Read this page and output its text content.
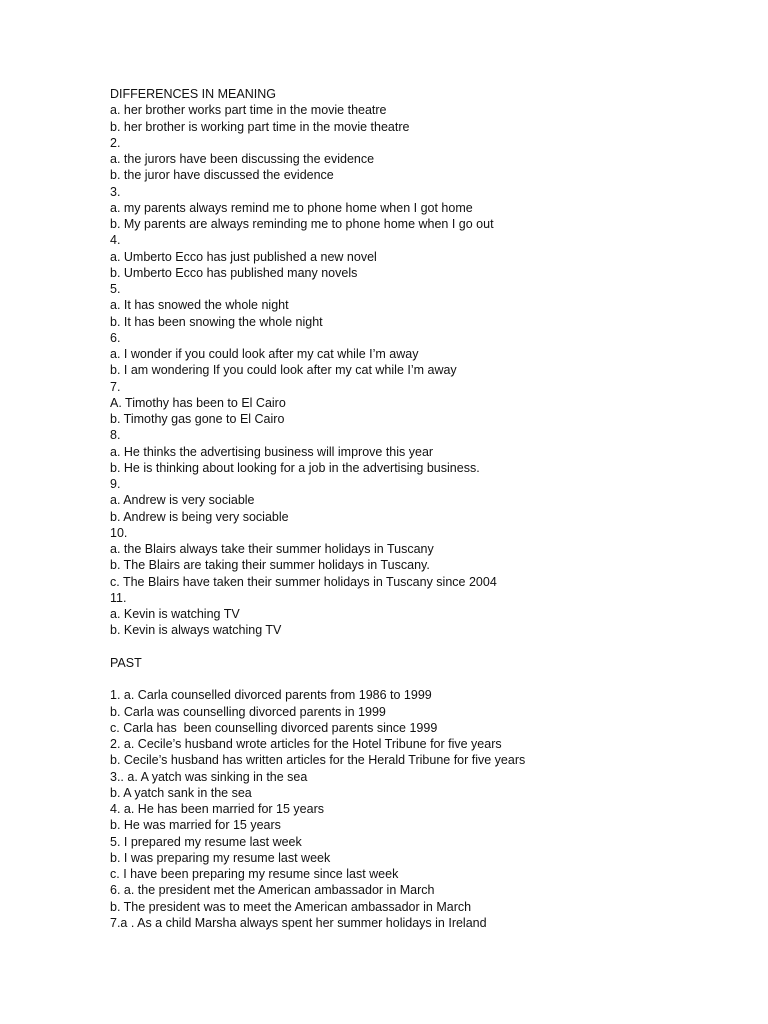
DIFFERENCES IN MEANING
a. her brother works part time in the movie theatre
b. her brother is working part time in the movie theatre
2.
a. the jurors have been discussing the evidence
b. the juror have discussed the evidence
3.
a. my parents always remind me to phone home when I got home
b. My parents are always reminding me to phone home when I go out
4.
a. Umberto Ecco has just published a new novel
b. Umberto Ecco has published many novels
5.
a. It has snowed the whole night
b. It has been snowing the whole night
6.
a. I wonder if you could look after my cat while I’m away
b. I am wondering If you could look after my cat while I’m away
7.
A. Timothy has been to El Cairo
b. Timothy gas gone to El Cairo
8.
a. He thinks the advertising business will improve this year
b. He is thinking about looking for a job in the advertising business.
9.
a. Andrew is very sociable
b. Andrew is being very sociable
10.
a. the Blairs always take their summer holidays in Tuscany
b. The Blairs are taking their summer holidays in Tuscany.
c. The Blairs have taken their summer holidays in Tuscany since 2004
11.
a. Kevin is watching TV
b. Kevin is always watching TV
PAST
1. a. Carla counselled divorced parents from 1986 to 1999
b. Carla was counselling divorced parents in 1999
c. Carla has  been counselling divorced parents since 1999
2. a. Cecile’s husband wrote articles for the Hotel Tribune for five years
b. Cecile’s husband has written articles for the Herald Tribune for five years
3.. a. A yatch was sinking in the sea
b. A yatch sank in the sea
4. a. He has been married for 15 years
b. He was married for 15 years
5. I prepared my resume last week
b. I was preparing my resume last week
c. I have been preparing my resume since last week
6. a. the president met the American ambassador in March
b. The president was to meet the American ambassador in March
7.a . As a child Marsha always spent her summer holidays in Ireland
